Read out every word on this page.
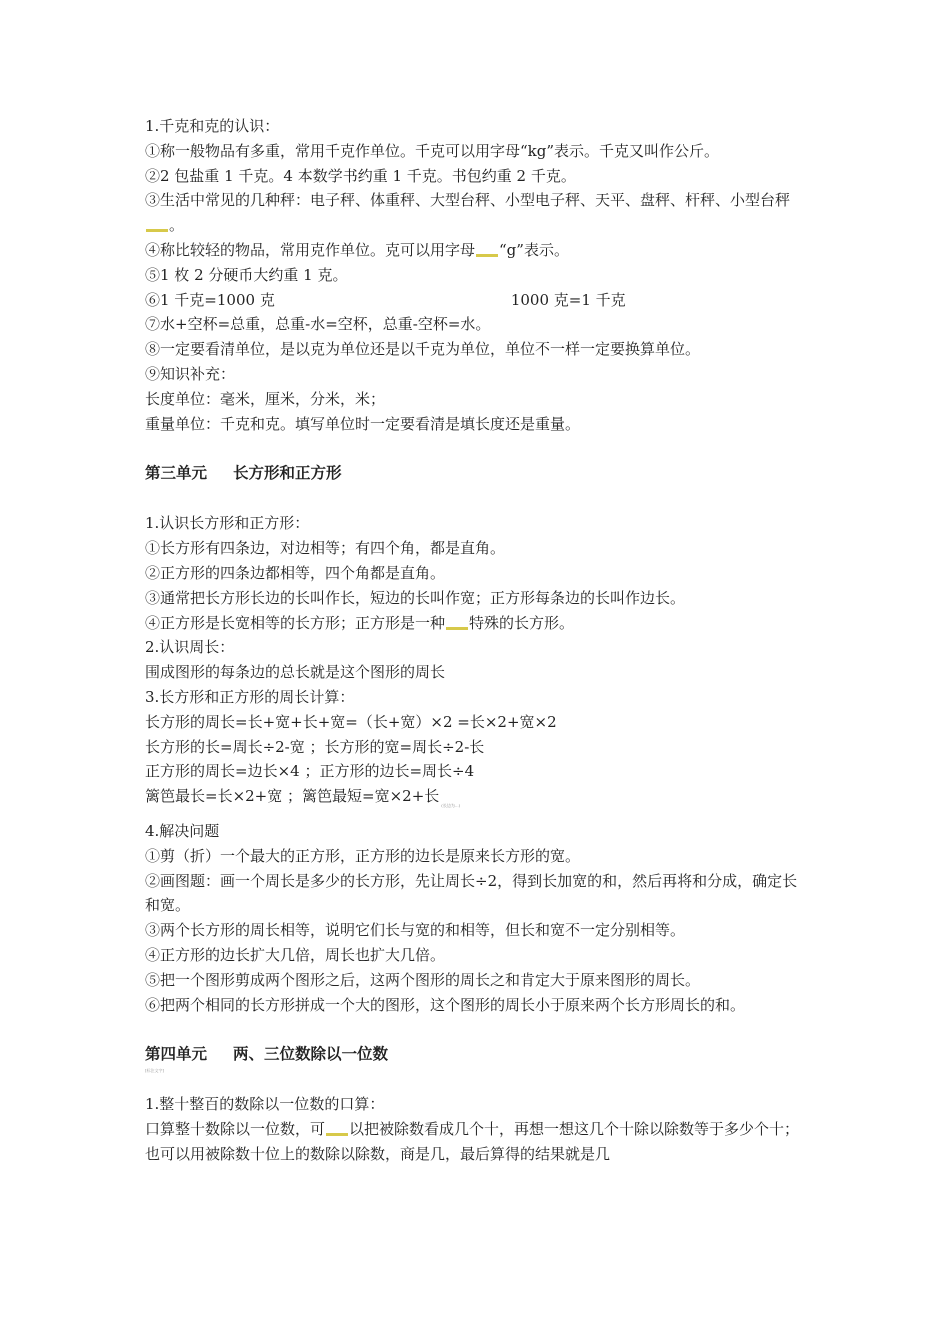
1.千克和克的认识：

①称一般物品有多重，常用千克作单位。千克可以用字母“kg”表示。千克又叫作公斤。

②2 包盐重 1 千克。4 本数学书约重 1 千克。书包约重 2 千克。

③生活中常见的几种秤：电子秤、体重秤、大型台秤、小型电子秤、天平、盘秤、杆秤、小型台秤。

④称比较轻的物品，常用克作单位。克可以用字母 “g”表示。

⑤1 枚 2 分硬币大约重 1 克。

⑥1 千克=1000 克	1000 克=1 千克

⑦水+空杯=总重，总重-水=空杯，总重-空杯=水。

⑧一定要看清单位，是以克为单位还是以千克为单位，单位不一样一定要换算单位。

⑨知识补充：

长度单位：毫米，厘米，分米，米；

重量单位：千克和克。填写单位时一定要看清是填长度还是重量。

第三单元 长方形和正方形

1.认识长方形和正方形：

①长方形有四条边，对边相等；有四个角，都是直角。

②正方形的四条边都相等，四个角都是直角。

③通常把长方形长边的长叫作长，短边的长叫作宽；正方形每条边的长叫作边长。

④正方形是长宽相等的长方形；正方形是一种 特殊的长方形。

2.认识周长：

围成图形的每条边的总长就是这个图形的周长

3.长方形和正方形的周长计算：

长方形的周长=长+宽+长+宽=（长+宽）×2 =长×2+宽×2

长方形的长=周长÷2-宽 ；长方形的宽=周长÷2-长

正方形的周长=边长×4 ；正方形的边长=周长÷4

篱笆最长=长×2+宽 ；篱笆最短=宽×2+长$_{(长边为...)}$

4.解决问题

①剪（折）一个最大的正方形，正方形的边长是原来长方形的宽。

②画图题：画一个周长是多少的长方形，先让周长÷2，得到长加宽的和，然后再将和分成，确定长和宽。

③两个长方形的周长相等，说明它们长与宽的和相等，但长和宽不一定分别相等。

④正方形的边长扩大几倍，周长也扩大几倍。

⑤把一个图形剪成两个图形之后，这两个图形的周长之和肯定大于原来图形的周长。

⑥把两个相同的长方形拼成一个大的图形，这个图形的周长小于原来两个长方形周长的和。

第四单元 两、三位数除以一位数

[标注文字]

1.整十整百的数除以一位数的口算：

口算整十数除以一位数，可 以把被除数看成几个十，再想一想这几个十除以除数等于多少个十；也可以用被除数十位上的数除以除数，商是几，最后算得的结果就是几
